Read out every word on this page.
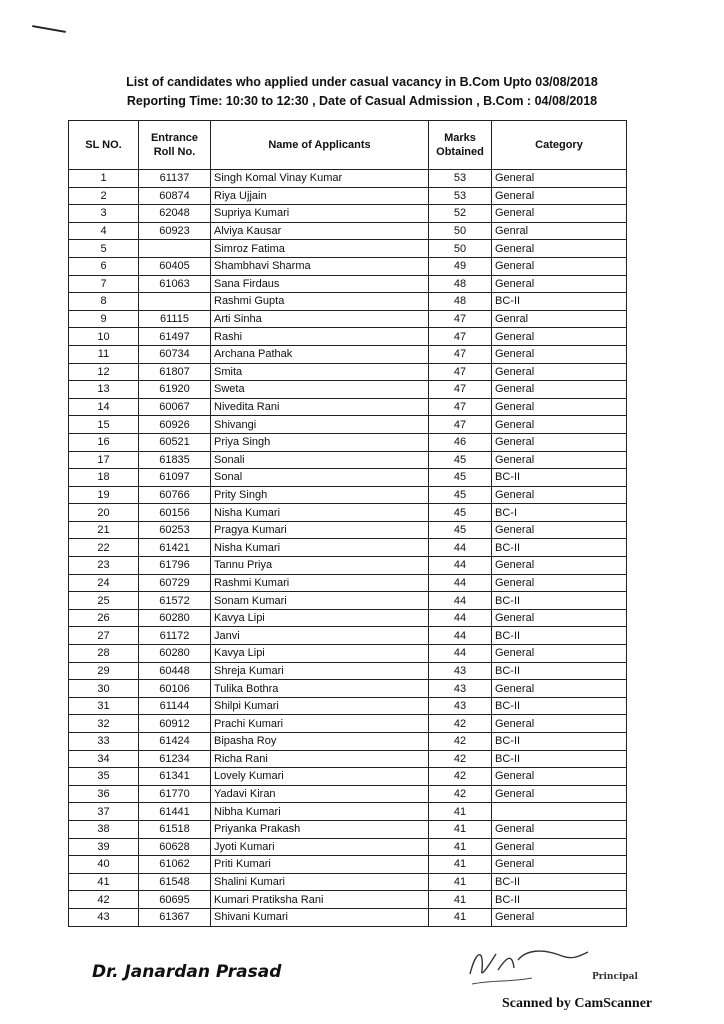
List of candidates who applied under casual vacancy in B.Com Upto 03/08/2018
Reporting Time: 10:30 to 12:30 , Date of Casual Admission , B.Com : 04/08/2018
SL NO.	Entrance Roll No.	Name of Applicants	Marks Obtained	Category
1	61137	Singh Komal Vinay Kumar	53	General
2	60874	Riya Ujjain	53	General
3	62048	Supriya Kumari	52	General
4	60923	Alviya Kausar	50	Genral
5		Simroz Fatima	50	General
6	60405	Shambhavi Sharma	49	General
7	61063	Sana Firdaus	48	General
8		Rashmi Gupta	48	BC-II
9	61115	Arti Sinha	47	Genral
10	61497	Rashi	47	General
11	60734	Archana Pathak	47	General
12	61807	Smita	47	General
13	61920	Sweta	47	General
14	60067	Nivedita Rani	47	General
15	60926	Shivangi	47	General
16	60521	Priya Singh	46	General
17	61835	Sonali	45	General
18	61097	Sonal	45	BC-II
19	60766	Prity Singh	45	General
20	60156	Nisha Kumari	45	BC-I
21	60253	Pragya Kumari	45	General
22	61421	Nisha Kumari	44	BC-II
23	61796	Tannu Priya	44	General
24	60729	Rashmi Kumari	44	General
25	61572	Sonam Kumari	44	BC-II
26	60280	Kavya Lipi	44	General
27	61172	Janvi	44	BC-II
28	60280	Kavya Lipi	44	General
29	60448	Shreja Kumari	43	BC-II
30	60106	Tulika Bothra	43	General
31	61144	Shilpi Kumari	43	BC-II
32	60912	Prachi Kumari	42	General
33	61424	Bipasha Roy	42	BC-II
34	61234	Richa Rani	42	BC-II
35	61341	Lovely Kumari	42	General
36	61770	Yadavi Kiran	42	General
37	61441	Nibha Kumari	41	
38	61518	Priyanka Prakash	41	General
39	60628	Jyoti Kumari	41	General
40	61062	Priti Kumari	41	General
41	61548	Shalini Kumari	41	BC-II
42	60695	Kumari Pratiksha Rani	41	BC-II
43	61367	Shivani Kumari	41	General
Dr. Janardan Prasad	Principal
Scanned by CamScanner
